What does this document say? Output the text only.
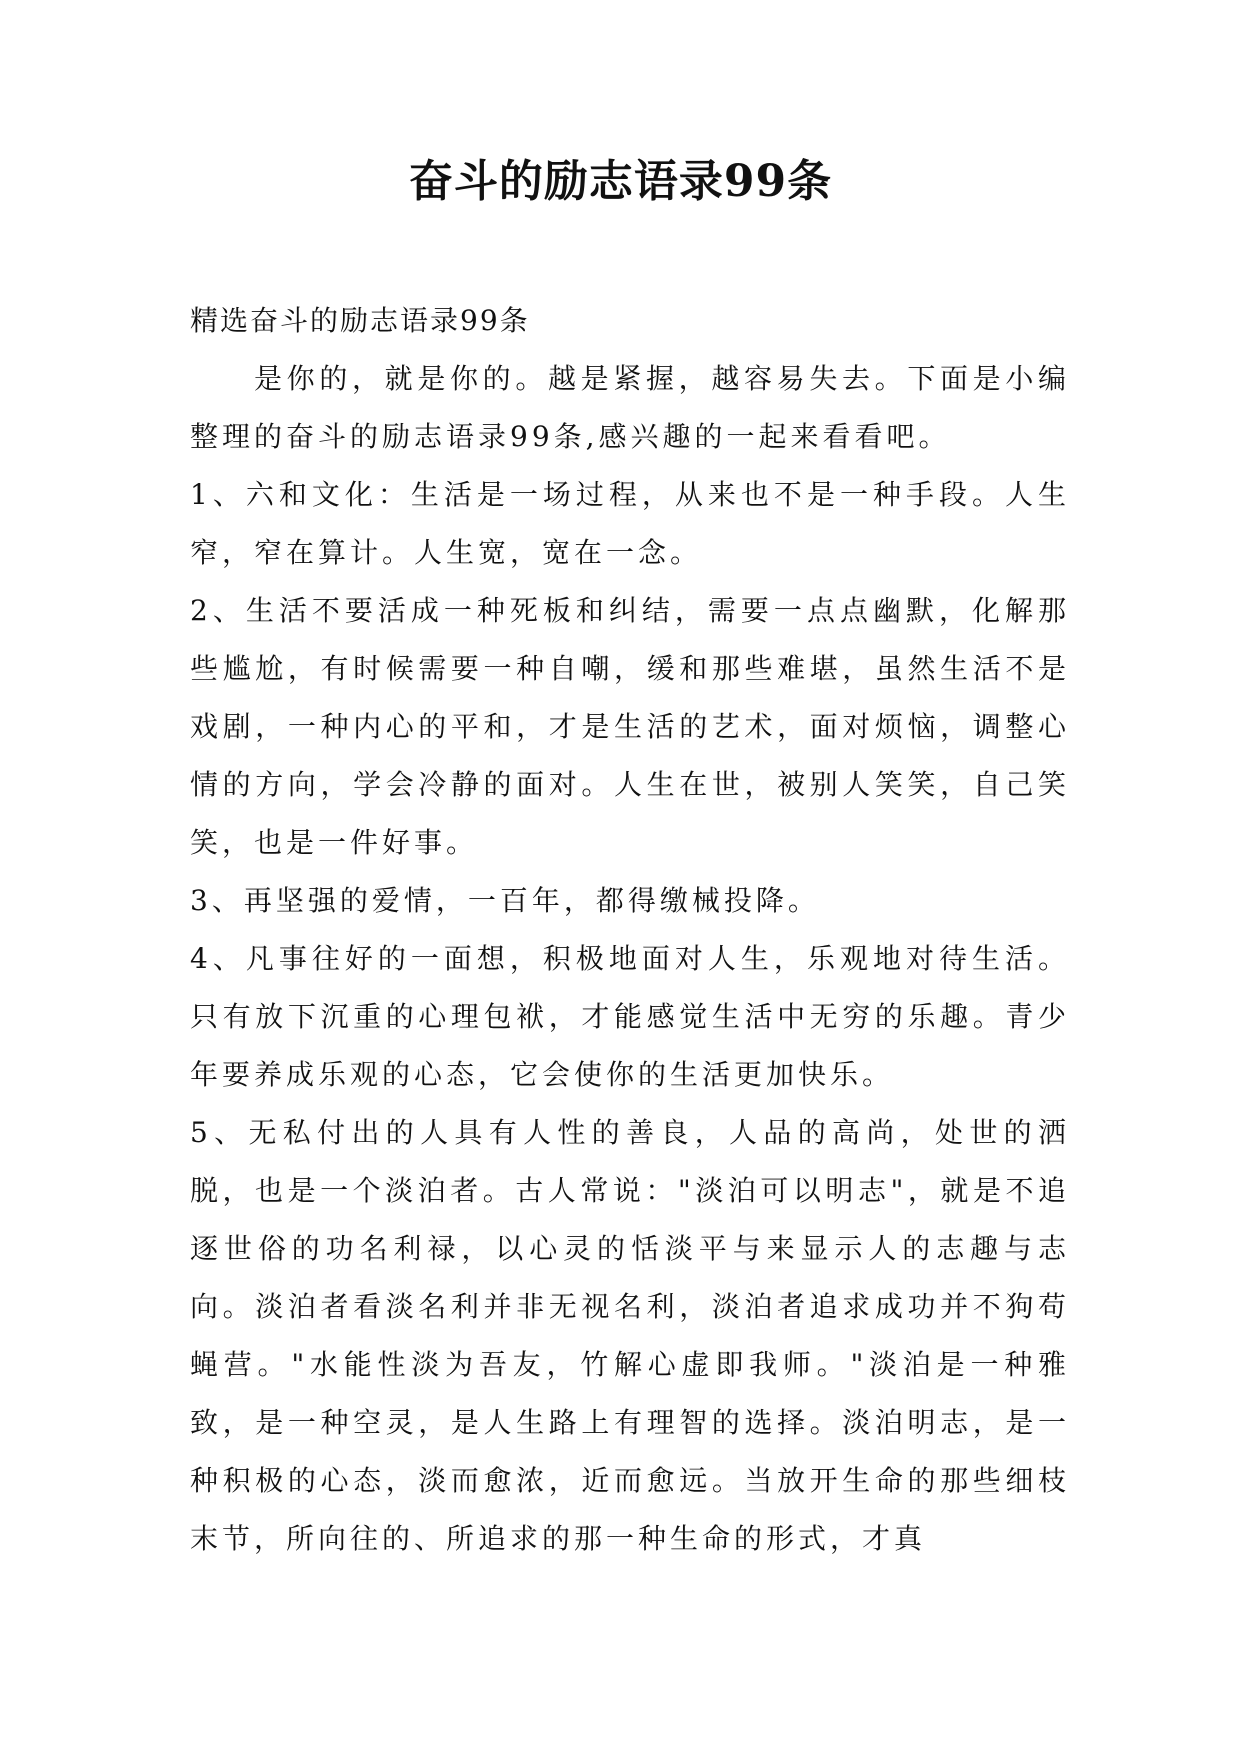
奋斗的励志语录99条

精选奋斗的励志语录99条

是你的，就是你的。越是紧握，越容易失去。下面是小编整理的奋斗的励志语录99条,感兴趣的一起来看看吧。

1、六和文化：生活是一场过程，从来也不是一种手段。人生窄，窄在算计。人生宽，宽在一念。

2、生活不要活成一种死板和纠结，需要一点点幽默，化解那些尴尬，有时候需要一种自嘲，缓和那些难堪，虽然生活不是戏剧，一种内心的平和，才是生活的艺术，面对烦恼，调整心情的方向，学会冷静的面对。人生在世，被别人笑笑，自己笑笑，也是一件好事。

3、再坚强的爱情，一百年，都得缴械投降。

4、凡事往好的一面想，积极地面对人生，乐观地对待生活。只有放下沉重的心理包袱，才能感觉生活中无穷的乐趣。青少年要养成乐观的心态，它会使你的生活更加快乐。

5、无私付出的人具有人性的善良，人品的高尚，处世的洒脱，也是一个淡泊者。古人常说："淡泊可以明志"，就是不追逐世俗的功名利禄，以心灵的恬淡平与来显示人的志趣与志向。淡泊者看淡名利并非无视名利，淡泊者追求成功并不狗苟蝇营。"水能性淡为吾友，竹解心虚即我师。"淡泊是一种雅致，是一种空灵，是人生路上有理智的选择。淡泊明志，是一种积极的心态，淡而愈浓，近而愈远。当放开生命的那些细枝末节，所向往的、所追求的那一种生命的形式，才真
